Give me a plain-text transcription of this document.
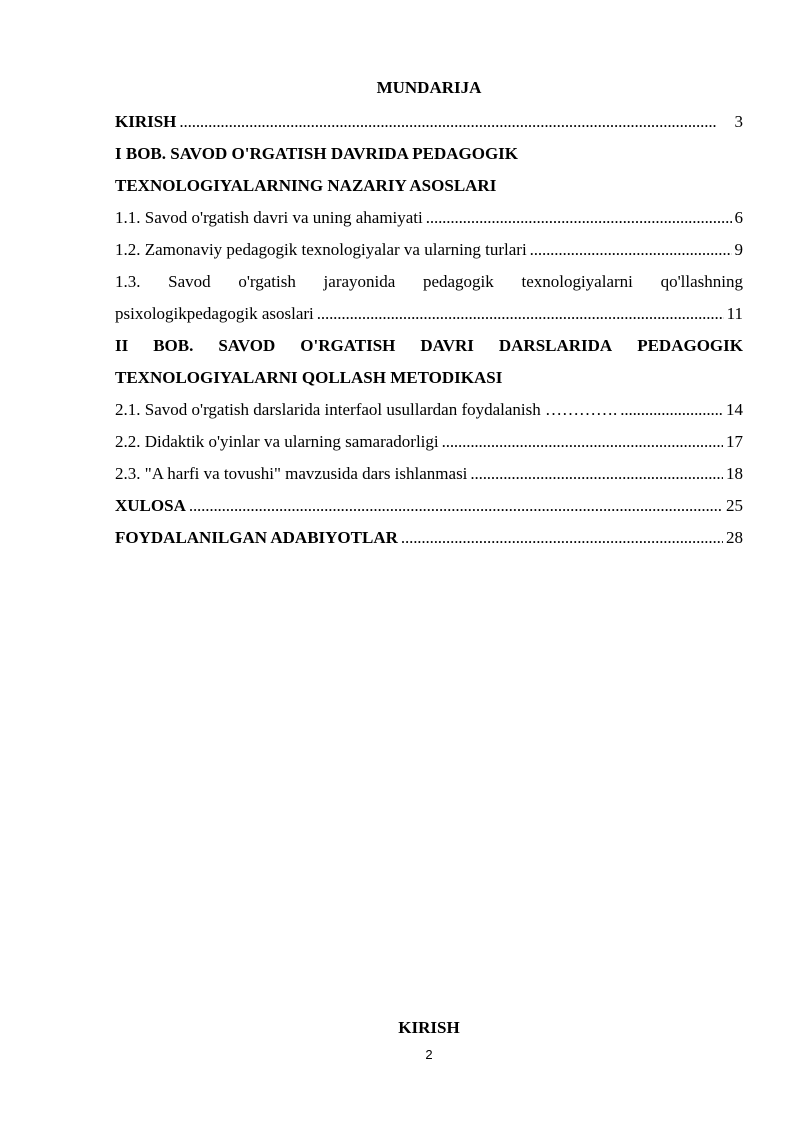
MUNDARIJA
KIRISH . . .	3
I BOB. SAVOD O'RGATISH DAVRIDA PEDAGOGIK
TEXNOLOGIYALARNING NAZARIY ASOSLARI
1.1. Savod o'rgatish davri va uning ahamiyati . . .	6
1.2. Zamonaviy pedagogik texnologiyalar va ularning turlari . . .	9
1.3. Savod o'rgatish jarayonida pedagogik texnologiyalarni qo'llashning
psixologikpedagogik asoslari . . .	11
II BOB. SAVOD O'RGATISH DAVRI DARSLARIDA PEDAGOGIK
TEXNOLOGIYALARNI QOLLASH METODIKASI
2.1. Savod o'rgatish darslarida interfaol usullardan foydalanish …………. . . .	14
2.2. Didaktik o'yinlar va ularning samaradorligi . . .	17
2.3. "A harfi va tovushi" mavzusida dars ishlanmasi . . .	18
XULOSA . . .	25
FOYDALANILGAN ADABIYOTLAR . . .	28
KIRISH
2
